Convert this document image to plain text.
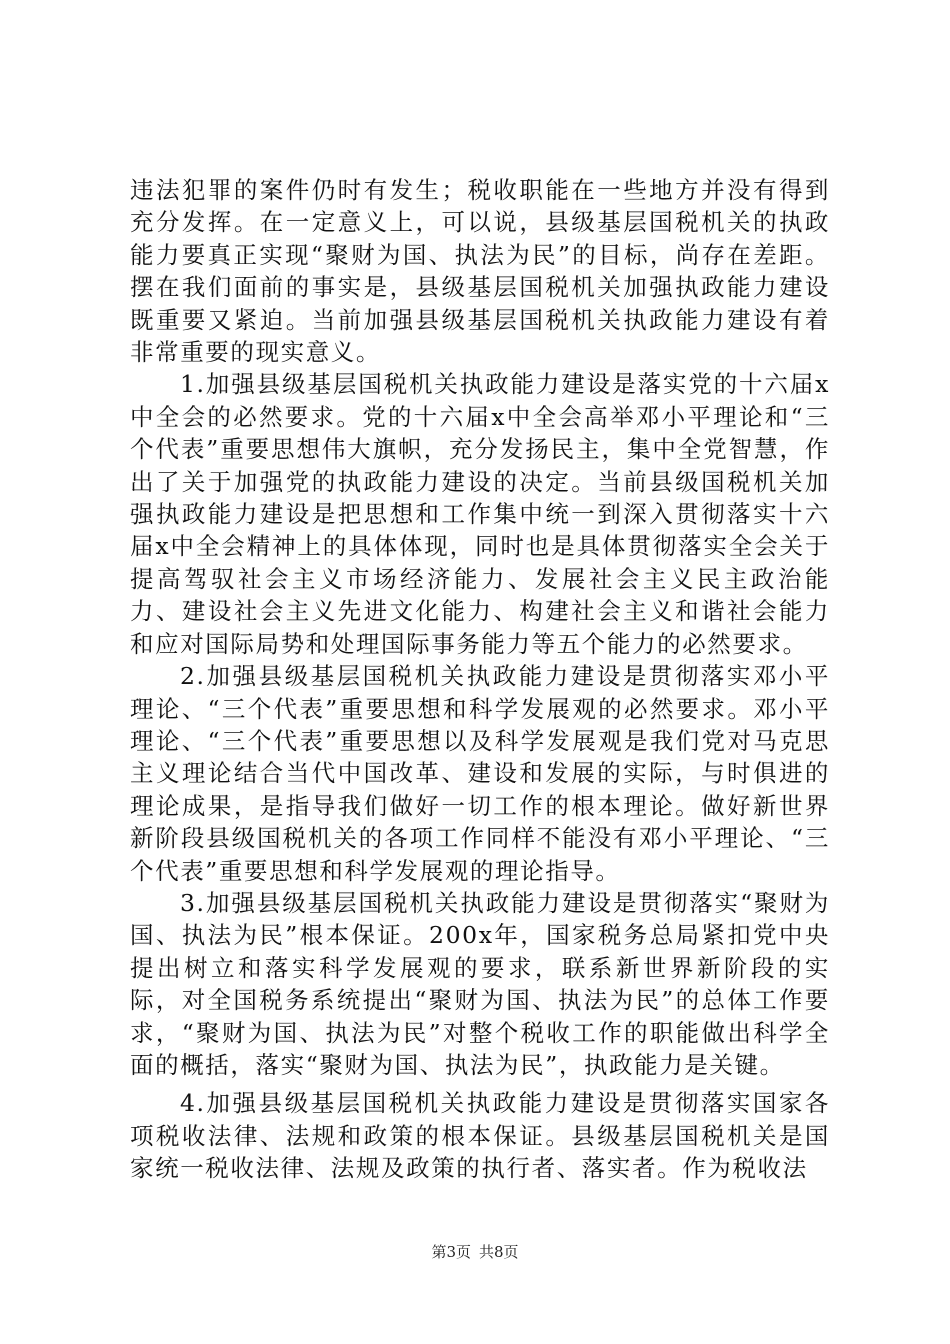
违法犯罪的案件仍时有发生；税收职能在一些地方并没有得到充分发挥。在一定意义上，可以说，县级基层国税机关的执政能力要真正实现“聚财为国、执法为民”的目标，尚存在差距。摆在我们面前的事实是，县级基层国税机关加强执政能力建设既重要又紧迫。当前加强县级基层国税机关执政能力建设有着非常重要的现实意义。

1.加强县级基层国税机关执政能力建设是落实党的十六届x中全会的必然要求。党的十六届x中全会高举邓小平理论和“三个代表”重要思想伟大旗帜，充分发扬民主，集中全党智慧，作出了关于加强党的执政能力建设的决定。当前县级国税机关加强执政能力建设是把思想和工作集中统一到深入贯彻落实十六届x中全会精神上的具体体现，同时也是具体贯彻落实全会关于提高驾驭社会主义市场经济能力、发展社会主义民主政治能力、建设社会主义先进文化能力、构建社会主义和谐社会能力和应对国际局势和处理国际事务能力等五个能力的必然要求。

2.加强县级基层国税机关执政能力建设是贯彻落实邓小平理论、“三个代表”重要思想和科学发展观的必然要求。邓小平理论、“三个代表”重要思想以及科学发展观是我们党对马克思主义理论结合当代中国改革、建设和发展的实际，与时俱进的理论成果，是指导我们做好一切工作的根本理论。做好新世界新阶段县级国税机关的各项工作同样不能没有邓小平理论、“三个代表”重要思想和科学发展观的理论指导。

3.加强县级基层国税机关执政能力建设是贯彻落实“聚财为国、执法为民”根本保证。200x年，国家税务总局紧扣党中央提出树立和落实科学发展观的要求，联系新世界新阶段的实际，对全国税务系统提出“聚财为国、执法为民”的总体工作要求，“聚财为国、执法为民”对整个税收工作的职能做出科学全面的概括，落实“聚财为国、执法为民”，执政能力是关键。

4.加强县级基层国税机关执政能力建设是贯彻落实国家各项税收法律、法规和政策的根本保证。县级基层国税机关是国家统一税收法律、法规及政策的执行者、落实者。作为税收法

第3页 共8页
